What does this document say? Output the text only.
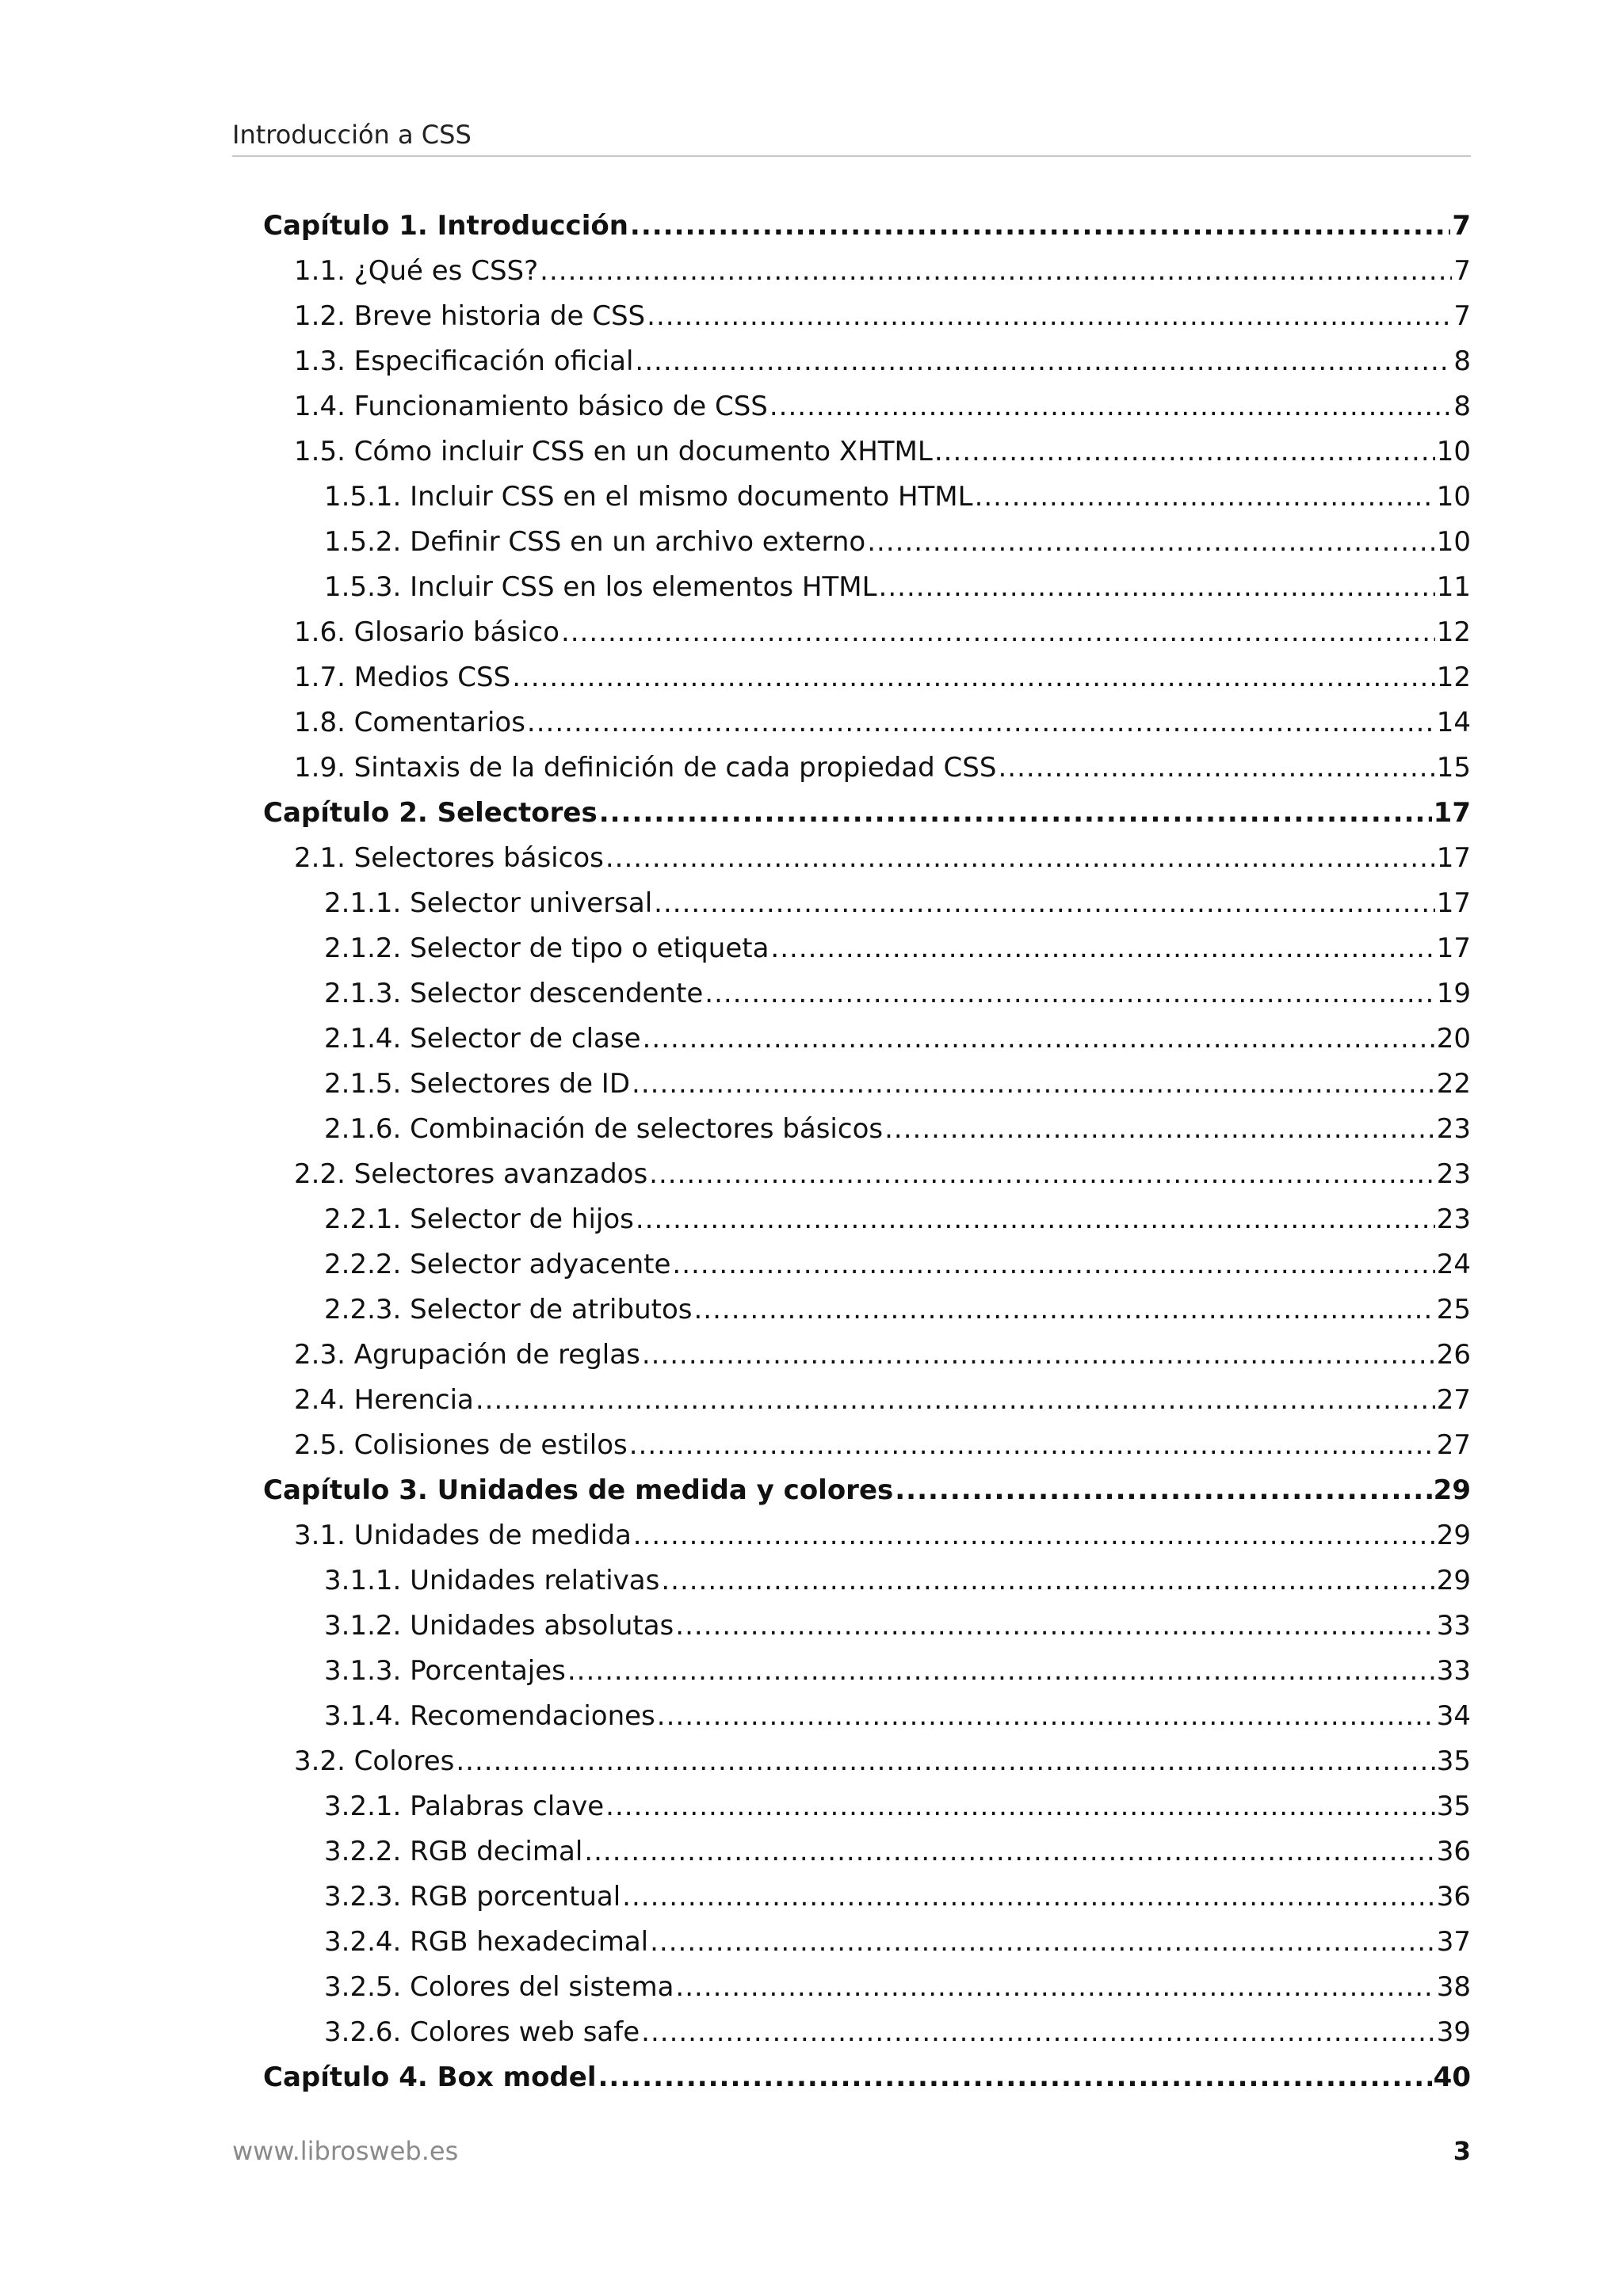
Introducción a CSS
Capítulo 1. Introducción .....	7
1.1. ¿Qué es CSS? .....	7
1.2. Breve historia de CSS .....	7
1.3. Especificación oficial .....	8
1.4. Funcionamiento básico de CSS .....	8
1.5. Cómo incluir CSS en un documento XHTML .....	10
1.5.1. Incluir CSS en el mismo documento HTML .....	10
1.5.2. Definir CSS en un archivo externo .....	10
1.5.3. Incluir CSS en los elementos HTML .....	11
1.6. Glosario básico .....	12
1.7. Medios CSS .....	12
1.8. Comentarios .....	14
1.9. Sintaxis de la definición de cada propiedad CSS .....	15
Capítulo 2. Selectores .....	17
2.1. Selectores básicos .....	17
2.1.1. Selector universal .....	17
2.1.2. Selector de tipo o etiqueta .....	17
2.1.3. Selector descendente .....	19
2.1.4. Selector de clase .....	20
2.1.5. Selectores de ID .....	22
2.1.6. Combinación de selectores básicos .....	23
2.2. Selectores avanzados .....	23
2.2.1. Selector de hijos .....	23
2.2.2. Selector adyacente .....	24
2.2.3. Selector de atributos .....	25
2.3. Agrupación de reglas .....	26
2.4. Herencia .....	27
2.5. Colisiones de estilos .....	27
Capítulo 3. Unidades de medida y colores .....	29
3.1. Unidades de medida .....	29
3.1.1. Unidades relativas .....	29
3.1.2. Unidades absolutas .....	33
3.1.3. Porcentajes .....	33
3.1.4. Recomendaciones .....	34
3.2. Colores .....	35
3.2.1. Palabras clave .....	35
3.2.2. RGB decimal .....	36
3.2.3. RGB porcentual .....	36
3.2.4. RGB hexadecimal .....	37
3.2.5. Colores del sistema .....	38
3.2.6. Colores web safe .....	39
Capítulo 4. Box model .....	40
www.librosweb.es	3
